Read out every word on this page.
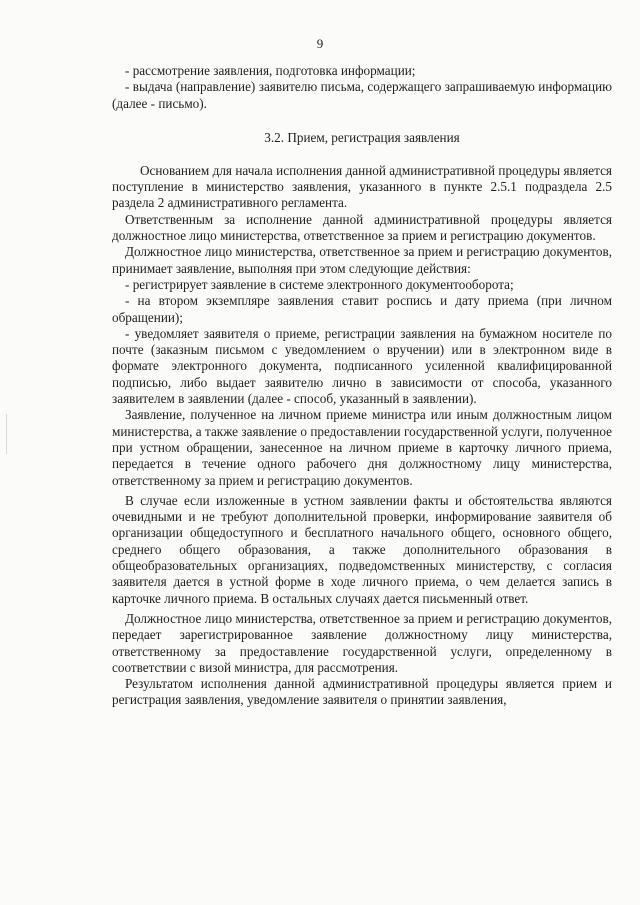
9

- рассмотрение заявления, подготовка информации;

- выдача (направление) заявителю письма, содержащего запрашиваемую информацию (далее - письмо).

3.2. Прием, регистрация заявления

Основанием для начала исполнения данной административной процедуры является поступление в министерство заявления, указанного в пункте 2.5.1 подраздела 2.5 раздела 2 административного регламента.

Ответственным за исполнение данной административной процедуры является должностное лицо министерства, ответственное за прием и регистрацию документов.

Должностное лицо министерства, ответственное за прием и регистрацию документов, принимает заявление, выполняя при этом следующие действия:

- регистрирует заявление в системе электронного документооборота;

- на втором экземпляре заявления ставит роспись и дату приема (при личном обращении);

- уведомляет заявителя о приеме, регистрации заявления на бумажном носителе по почте (заказным письмом с уведомлением о вручении) или в электронном виде в формате электронного документа, подписанного усиленной квалифицированной подписью, либо выдает заявителю лично в зависимости от способа, указанного заявителем в заявлении (далее - способ, указанный в заявлении).

Заявление, полученное на личном приеме министра или иным должностным лицом министерства, а также заявление о предоставлении государственной услуги, полученное при устном обращении, занесенное на личном приеме в карточку личного приема, передается в течение одного рабочего дня должностному лицу министерства, ответственному за прием и регистрацию документов.

В случае если изложенные в устном заявлении факты и обстоятельства являются очевидными и не требуют дополнительной проверки, информирование заявителя об организации общедоступного и бесплатного начального общего, основного общего, среднего общего образования, а также дополнительного образования в общеобразовательных организациях, подведомственных министерству, с согласия заявителя дается в устной форме в ходе личного приема, о чем делается запись в карточке личного приема. В остальных случаях дается письменный ответ.

Должностное лицо министерства, ответственное за прием и регистрацию документов, передает зарегистрированное заявление должностному лицу министерства, ответственному за предоставление государственной услуги, определенному в соответствии с визой министра, для рассмотрения.

Результатом исполнения данной административной процедуры является прием и регистрация заявления, уведомление заявителя о принятии заявления,
